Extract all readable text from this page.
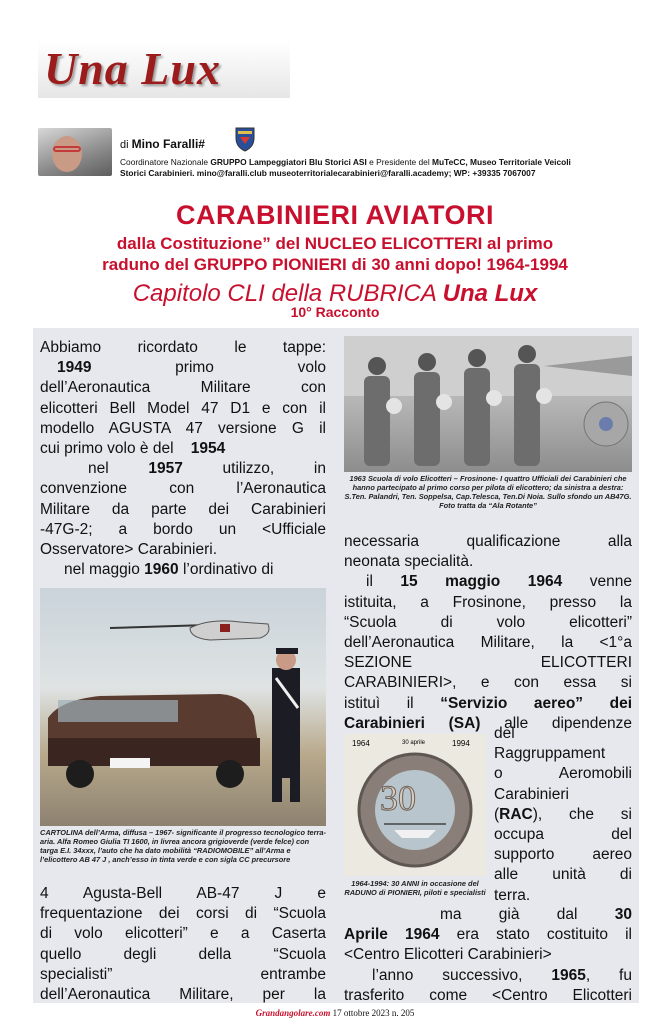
Una Lux
di Mino Faralli#
Coordinatore Nazionale GRUPPO Lampeggiatori Blu Storici ASI e Presidente del MuTeCC, Museo Territoriale Veicoli
Storici Carabinieri. mino@faralli.club museoterritorialecarabinieri@faralli.academy; WP: +39335 7067007
CARABINIERI AVIATORI
dalla Costituzione” del NUCLEO ELICOTTERI al primo
raduno del GRUPPO PIONIERI di 30 anni dopo! 1964-1994
Capitolo CLI della RUBRICA Una Lux
10° Racconto
Abbiamo ricordato le tappe:
1949	primo volo
dell’Aeronautica Militare con
elicotteri Bell Model 47 D1 e con il
modello AGUSTA 47 versione G il
cui primo volo è del 1954
nel	1957	utilizzo, in
convenzione con l’Aeronautica
Militare da parte dei Carabinieri
-47G-2; a bordo un <Ufficiale
Osservatore> Carabinieri.
nel maggio 1960 l’ordinativo di
1963 Scuola di volo Elicotteri – Frosinone- I quattro Ufficiali dei Carabinieri che hanno partecipato al primo corso per pilota di elicottero; da sinistra a destra: S.Ten. Palandri, Ten. Soppelsa, Cap.Telesca, Ten.Di Noia. Sullo sfondo un AB47G. Foto tratta da “Ala Rotante”
CARTOLINA dell’Arma, diffusa – 1967- significante il progresso tecnologico terra-aria. Alfa Romeo Giulia TI 1600, in livrea ancora grigioverde (verde felce) con targa E.I. 34xxx, l’auto che ha dato mobilità “RADIOMOBILE” all’Arma e l’elicottero AB 47 J , anch’esso in tinta verde e con sigla CC precursore
4 Agusta-Bell AB-47 J e
frequentazione dei corsi di “Scuola
di volo elicotteri” e a Caserta
quello degli della “Scuola
specialisti” entrambe
dell’Aeronautica Militare, per la
necessaria qualificazione alla
neonata specialità.
il 15 maggio 1964 venne
istituita, a Frosinone, presso la
“Scuola di volo elicotteri”
dell’Aeronautica Militare, la <1°a
SEZIONE ELICOTTERI
CARABINIERI>, e con essa si
istituì il “Servizio aereo” dei
Carabinieri (SA) alle dipendenze
1964	30 aprile	1994
30
1964-1994: 30 ANNI in occasione del RADUNO di PIONIERI, piloti e specialisti
del
Raggruppament
o Aeromobili
Carabinieri
(RAC), che si
occupa del
supporto aereo
alle unità di
terra.
ma già dal 30
Aprile 1964 era stato costituito il
<Centro Elicotteri Carabinieri>
l’anno successivo, 1965, fu
trasferito come <Centro Elicotteri
Grandangolare.com 17 ottobre 2023 n. 205
